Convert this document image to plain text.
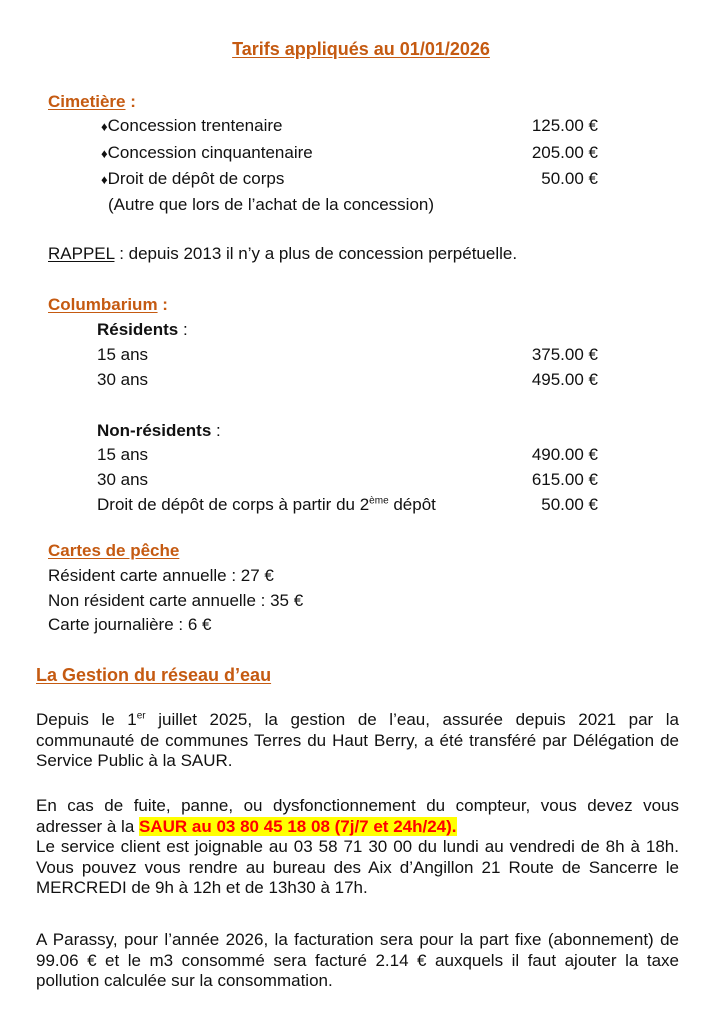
Tarifs appliqués au 01/01/2026
Cimetière :
♦Concession trentenaire	125.00 €
♦Concession cinquantenaire	205.00 €
♦Droit de dépôt de corps	50.00 €
(Autre que lors de l’achat de la concession)
RAPPEL : depuis 2013 il n’y a plus de concession perpétuelle.
Columbarium :
Résidents :
15 ans	375.00 €
30 ans	495.00 €
Non-résidents :
15 ans	490.00 €
30 ans	615.00 €
Droit de dépôt de corps à partir du 2ème dépôt	50.00 €
Cartes de pêche
Résident carte annuelle : 27 €
Non résident carte annuelle : 35 €
Carte journalière : 6 €
La Gestion du réseau d’eau
Depuis le 1er juillet 2025, la gestion de l’eau, assurée depuis 2021 par la communauté de communes Terres du Haut Berry, a été transféré par Délégation de Service Public à la SAUR.
En cas de fuite, panne, ou dysfonctionnement du compteur, vous devez vous adresser à la SAUR au 03 80 45 18 08 (7j/7 et 24h/24).
Le service client est joignable au 03 58 71 30 00 du lundi au vendredi de 8h à 18h. Vous pouvez vous rendre au bureau des Aix d’Angillon 21 Route de Sancerre le MERCREDI de 9h à 12h et de 13h30 à 17h.
A Parassy, pour l’année 2026, la facturation sera pour la part fixe (abonnement) de 99.06 € et le m3 consommé sera facturé 2.14 € auxquels il faut ajouter la taxe pollution calculée sur la consommation.
